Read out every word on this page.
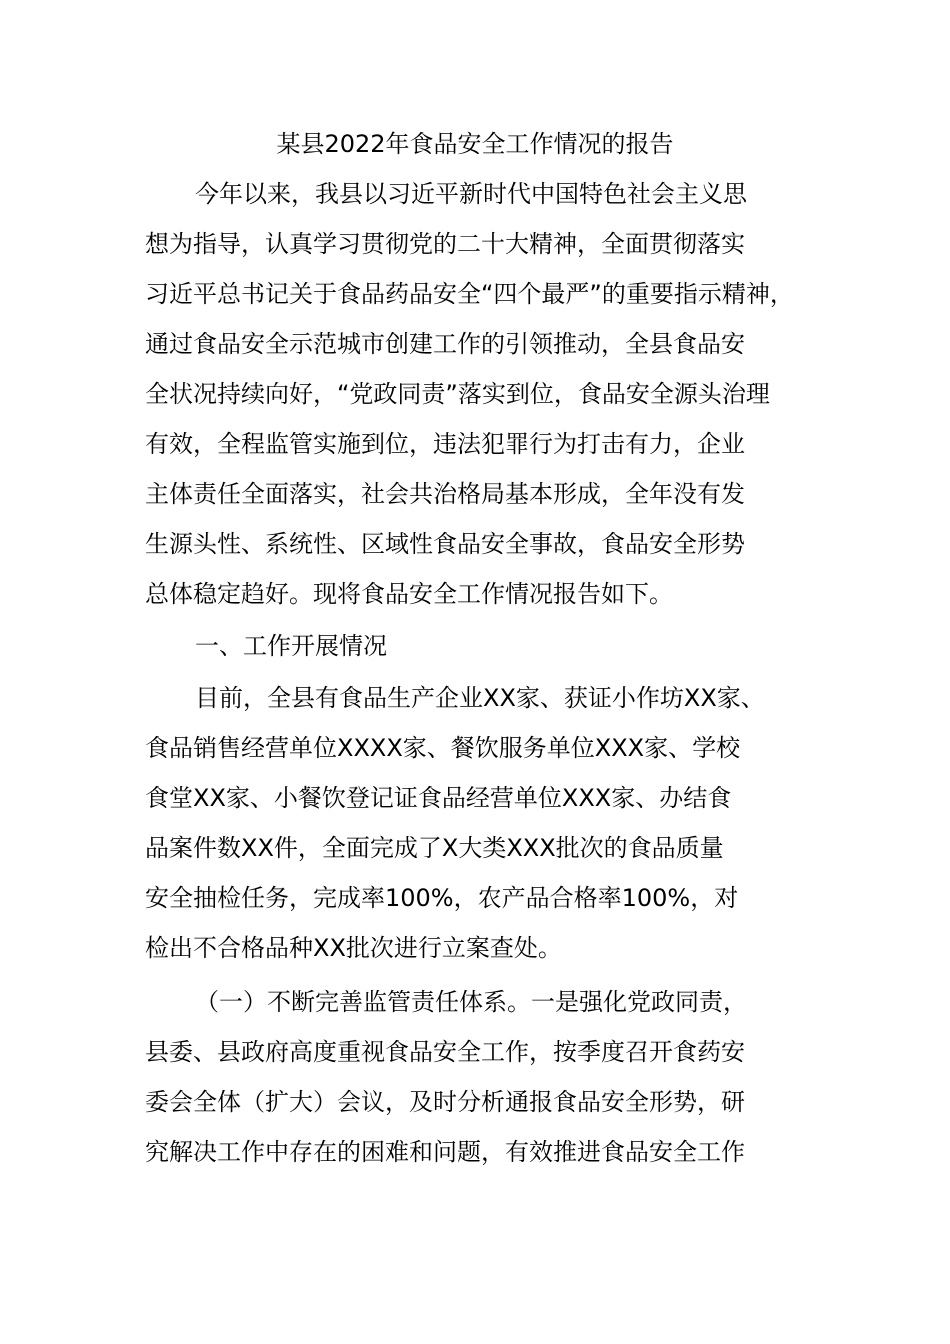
某县2022年食品安全工作情况的报告

今年以来，我县以习近平新时代中国特色社会主义思

想为指导，认真学习贯彻党的二十大精神，全面贯彻落实

习近平总书记关于食品药品安全“四个最严”的重要指示精神，

通过食品安全示范城市创建工作的引领推动，全县食品安

全状况持续向好，“党政同责”落实到位，食品安全源头治理

有效，全程监管实施到位，违法犯罪行为打击有力，企业

主体责任全面落实，社会共治格局基本形成，全年没有发

生源头性、系统性、区域性食品安全事故，食品安全形势

总体稳定趋好。现将食品安全工作情况报告如下。

一、工作开展情况

目前，全县有食品生产企业XX家、获证小作坊XX家、

食品销售经营单位XXXX家、餐饮服务单位XXX家、学校

食堂XX家、小餐饮登记证食品经营单位XXX家、办结食

品案件数XX件，全面完成了X大类XXX批次的食品质量

安全抽检任务，完成率100%，农产品合格率100%，对

检出不合格品种XX批次进行立案查处。

（一）不断完善监管责任体系。一是强化党政同责，

县委、县政府高度重视食品安全工作，按季度召开食药安

委会全体（扩大）会议，及时分析通报食品安全形势，研

究解决工作中存在的困难和问题，有效推进食品安全工作
